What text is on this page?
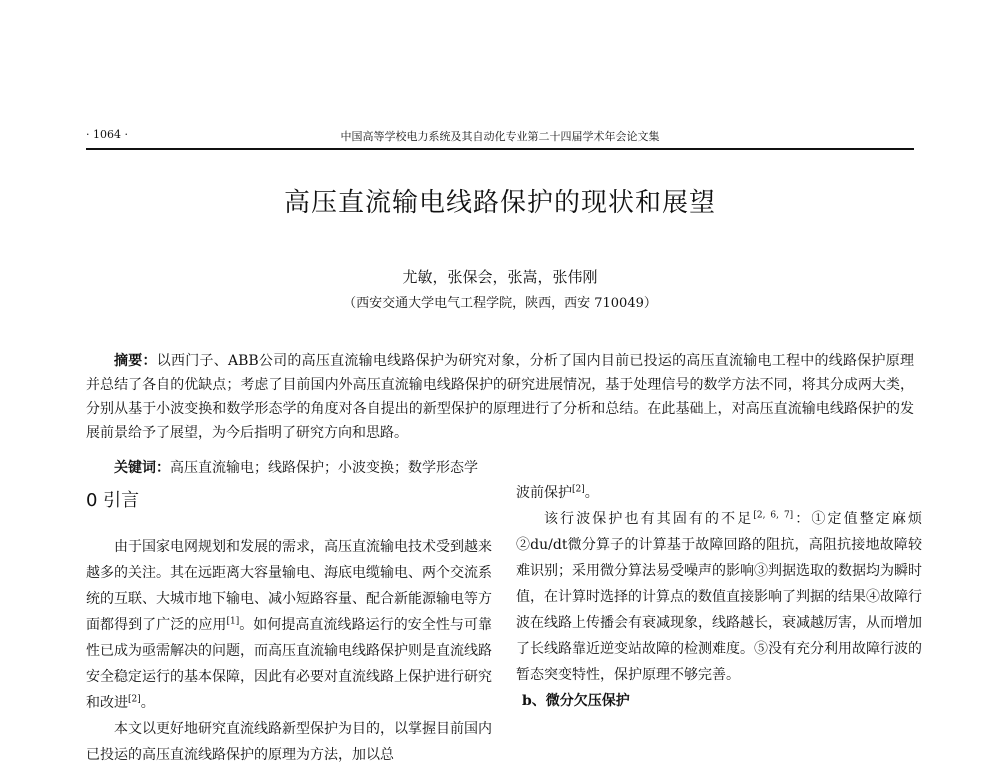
· 1064 ·	中国高等学校电力系统及其自动化专业第二十四届学术年会论文集
高压直流输电线路保护的现状和展望
尤敏，张保会，张嵩，张伟刚
（西安交通大学电气工程学院，陕西，西安 710049）

摘要：以西门子、ABB公司的高压直流输电线路保护为研究对象，分析了国内目前已投运的高压直流输电工程中的线路保护原理并总结了各自的优缺点；考虑了目前国内外高压直流输电线路保护的研究进展情况，基于处理信号的数学方法不同，将其分成两大类，分别从基于小波变换和数学形态学的角度对各自提出的新型保护的原理进行了分析和总结。在此基础上，对高压直流输电线路保护的发展前景给予了展望，为今后指明了研究方向和思路。

关键词：高压直流输电；线路保护；小波变换；数学形态学

0 引言

由于国家电网规划和发展的需求，高压直流输电技术受到越来越多的关注。其在远距离大容量输电、海底电缆输电、两个交流系统的互联、大城市地下输电、减小短路容量、配合新能源输电等方面都得到了广泛的应用[1]。如何提高直流线路运行的安全性与可靠性已成为亟需解决的问题，而高压直流输电线路保护则是直流线路安全稳定运行的基本保障，因此有必要对直流线路上保护进行研究和改进[2]。

本文以更好地研究直流线路新型保护为目的，以掌握目前国内已投运的高压直流线路保护的原理为方法，加以总

波前保护[2]。

该行波保护也有其固有的不足[2, 6, 7]：①定值整定麻烦②du/dt微分算子的计算基于故障回路的阻抗，高阻抗接地故障较难识别；采用微分算法易受噪声的影响③判据选取的数据均为瞬时值，在计算时选择的计算点的数值直接影响了判据的结果④故障行波在线路上传播会有衰减现象，线路越长，衰减越厉害，从而增加了长线路靠近逆变站故障的检测难度。⑤没有充分利用故障行波的暂态突变特性，保护原理不够完善。

b、微分欠压保护
